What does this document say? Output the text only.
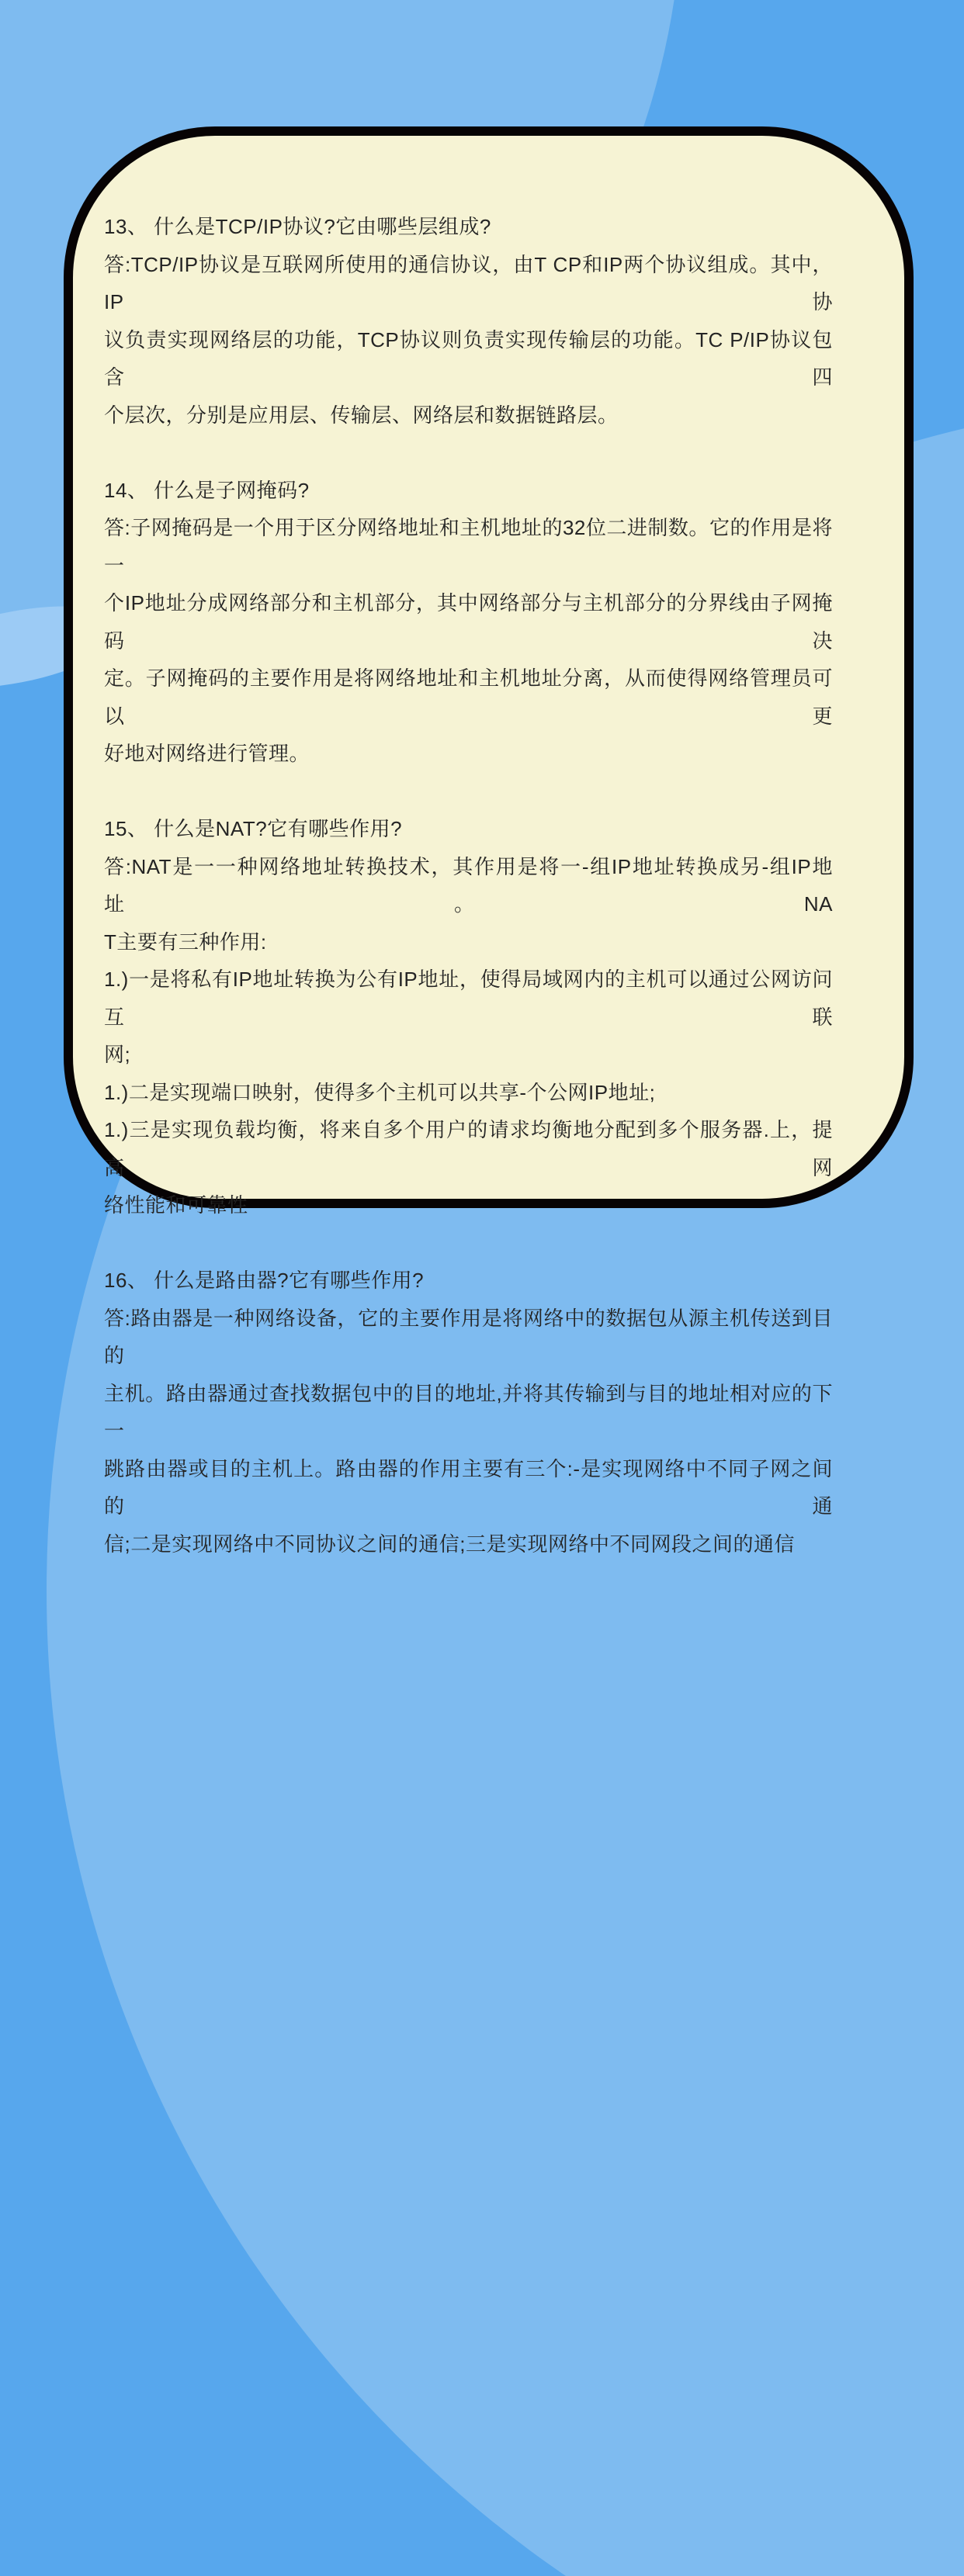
13、 什么是TCP/IP协议?它由哪些层组成?
答:TCP/IP协议是互联网所使用的通信协议，由T CP和IP两个协议组成。其中，IP协
议负责实现网络层的功能，TCP协议则负责实现传输层的功能。TC P/IP协议包含四
个层次，分别是应用层、传输层、网络层和数据链路层。
14、 什么是子网掩码?
答:子网掩码是一个用于区分网络地址和主机地址的32位二进制数。它的作用是将一
个IP地址分成网络部分和主机部分，其中网络部分与主机部分的分界线由子网掩码决
定。子网掩码的主要作用是将网络地址和主机地址分离，从而使得网络管理员可以更
好地对网络进行管理。
15、 什么是NAT?它有哪些作用?
答:NAT是一一种网络地址转换技术，其作用是将一-组IP地址转换成另-组IP地址。NA
T主要有三种作用:
1.)一是将私有IP地址转换为公有IP地址，使得局域网内的主机可以通过公网访问互联
网;
1.)二是实现端口映射，使得多个主机可以共享-个公网IP地址;
1.)三是实现负载均衡，将来自多个用户的请求均衡地分配到多个服务器.上，提高网
络性能和可靠性
16、 什么是路由器?它有哪些作用?
答:路由器是一种网络设备，它的主要作用是将网络中的数据包从源主机传送到目的
主机。路由器通过查找数据包中的目的地址,并将其传输到与目的地址相对应的下一
跳路由器或目的主机上。路由器的作用主要有三个:-是实现网络中不同子网之间的通
信;二是实现网络中不同协议之间的通信;三是实现网络中不同网段之间的通信
